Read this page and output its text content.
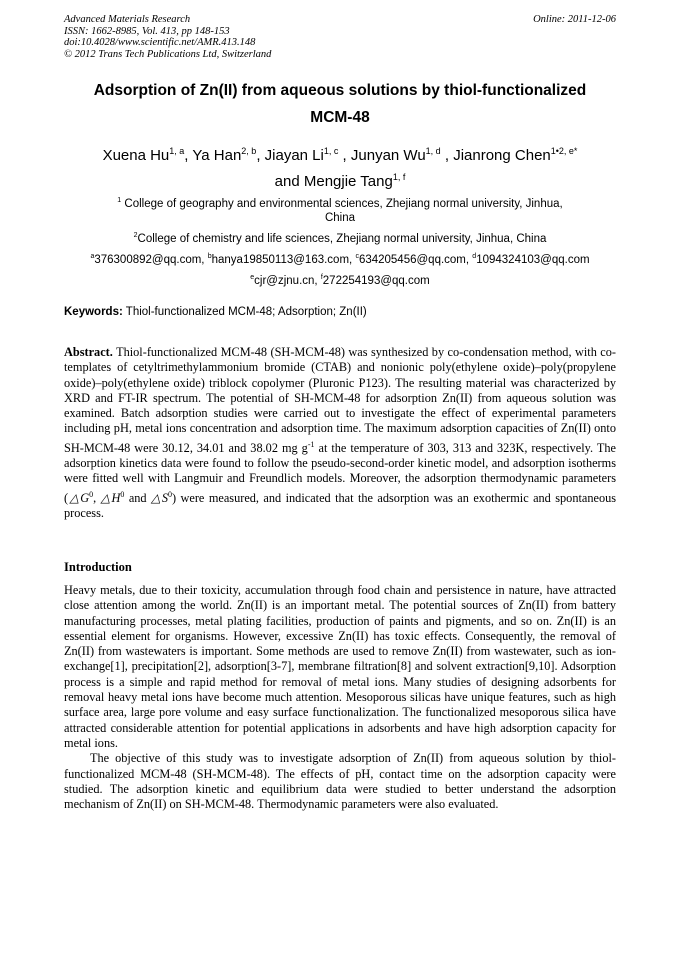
Advanced Materials Research
ISSN: 1662-8985, Vol. 413, pp 148-153
doi:10.4028/www.scientific.net/AMR.413.148
© 2012 Trans Tech Publications Ltd, Switzerland
Online: 2011-12-06
Adsorption of Zn(II) from aqueous solutions by thiol-functionalized
MCM-48
Xuena Hu$^{1, a}$, Ya Han$^{2, b}$, Jiayan Li$^{1, c}$ , Junyan Wu$^{1, d}$ , Jianrong Chen$^{1•2, e*}$
and Mengjie Tang$^{1, f}$
$^1$ College of geography and environmental sciences, Zhejiang normal university, Jinhua,
China
$^2$College of chemistry and life sciences, Zhejiang normal university, Jinhua, China
$^a$376300892@qq.com, $^b$hanya19850113@163.com, $^c$634205456@qq.com, $^d$1094324103@qq.com
$^e$cjr@zjnu.cn, $^f$272254193@qq.com
Keywords: Thiol-functionalized MCM-48; Adsorption; Zn(II)

Abstract. Thiol-functionalized MCM-48 (SH-MCM-48) was synthesized by co-condensation method, with co-templates of cetyltrimethylammonium bromide (CTAB) and nonionic poly(ethylene oxide)–poly(propylene oxide)–poly(ethylene oxide) triblock copolymer (Pluronic P123). The resulting material was characterized by XRD and FT-IR spectrum. The potential of SH-MCM-48 for adsorption Zn(II) from aqueous solution was examined. Batch adsorption studies were carried out to investigate the effect of experimental parameters including pH, metal ions concentration and adsorption time. The maximum adsorption capacities of Zn(II) onto SH-MCM-48 were 30.12, 34.01 and 38.02 mg $g^{-1}$ at the temperature of 303, 313 and 323K, respectively. The adsorption kinetics data were found to follow the pseudo-second-order kinetic model, and adsorption isotherms were fitted well with Langmuir and Freundlich models. Moreover, the adsorption thermodynamic parameters ($\triangle G^0$, $\triangle H^0$ and $\triangle S^0$) were measured, and indicated that the adsorption was an exothermic and spontaneous process.

Introduction

Heavy metals, due to their toxicity, accumulation through food chain and persistence in nature, have attracted close attention among the world. Zn(II) is an important metal. The potential sources of Zn(II) from battery manufacturing processes, metal plating facilities, production of paints and pigments, and so on. Zn(II) is an essential element for organisms. However, excessive Zn(II) has toxic effects. Consequently, the removal of Zn(II) from wastewaters is important. Some methods are used to remove Zn(II) from wastewater, such as ion-exchange[1], precipitation[2], adsorption[3-7], membrane filtration[8] and solvent extraction[9,10]. Adsorption process is a simple and rapid method for removal of metal ions. Many studies of designing adsorbents for removal heavy metal ions have become much attention. Mesoporous silicas have unique features, such as high surface area, large pore volume and easy surface functionalization. The functionalized mesoporous silica have attracted considerable attention for potential applications in adsorbents and have high adsorption capacity for metal ions.

The objective of this study was to investigate adsorption of Zn(II) from aqueous solution by thiol-functionalized MCM-48 (SH-MCM-48). The effects of pH, contact time on the adsorption capacity were studied. The adsorption kinetic and equilibrium data were studied to better understand the adsorption mechanism of Zn(II) on SH-MCM-48. Thermodynamic parameters were also evaluated.
